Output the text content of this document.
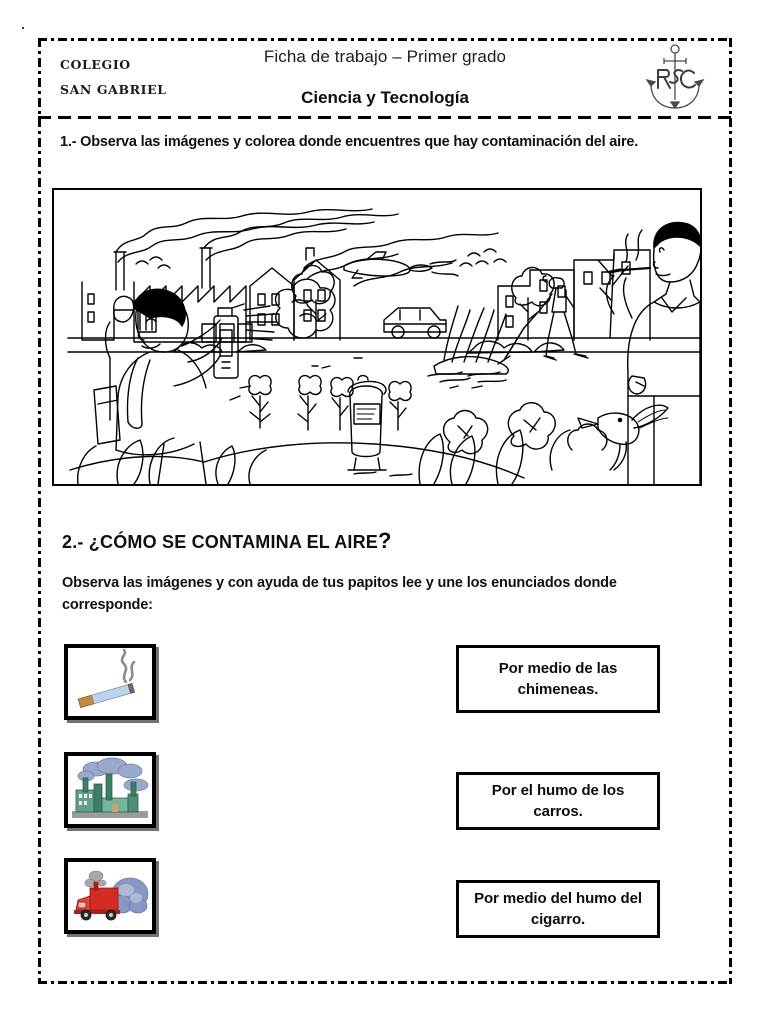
COLEGIO
SAN GABRIEL
Ficha de trabajo – Primer grado
Ciencia y Tecnología
1.- Observa las imágenes y colorea donde encuentres que hay contaminación del aire.
2.- ¿CÓMO SE CONTAMINA EL AIRE?
Observa las imágenes y con ayuda de tus papitos lee y une los enunciados donde corresponde:
Por medio de las chimeneas.
Por el humo de los carros.
Por medio del humo del cigarro.
